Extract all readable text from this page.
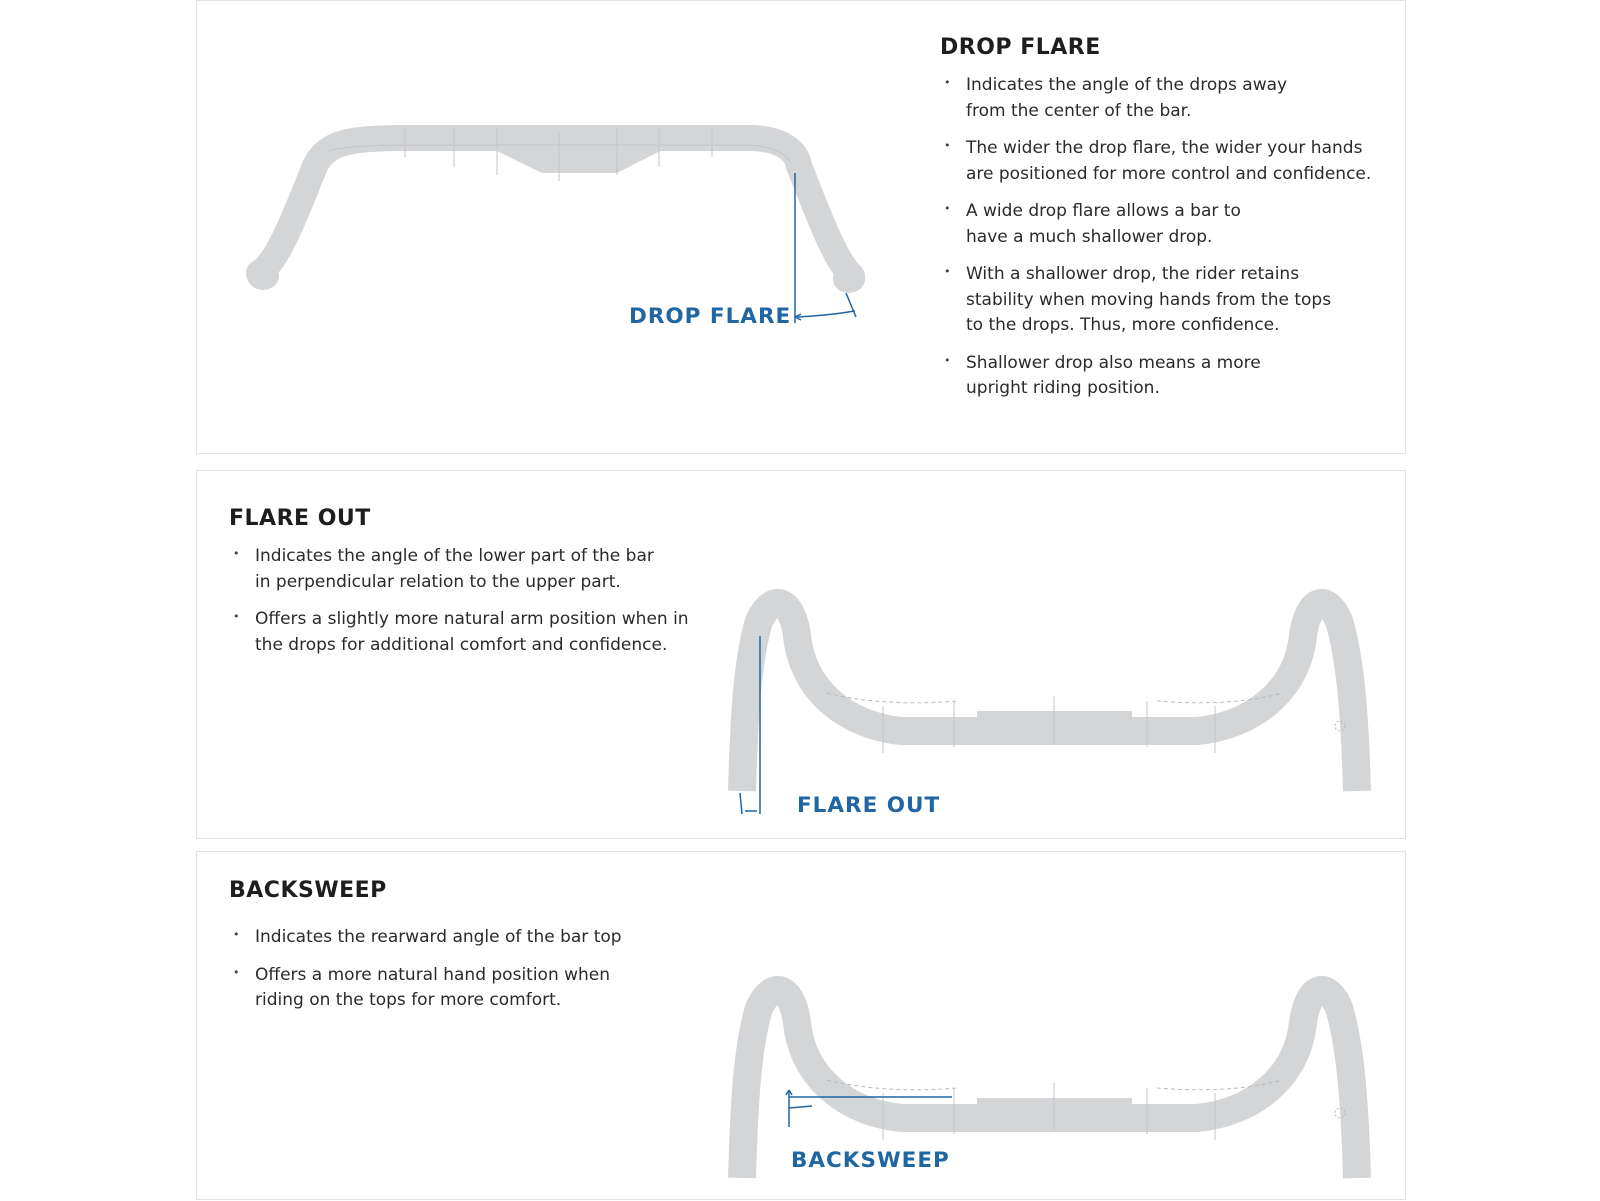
DROP FLARE
DROP FLARE
• Indicates the angle of the drops away
from the center of the bar.
• The wider the drop flare, the wider your hands
are positioned for more control and confidence.
• A wide drop flare allows a bar to
have a much shallower drop.
• With a shallower drop, the rider retains
stability when moving hands from the tops
to the drops. Thus, more confidence.
• Shallower drop also means a more
upright riding position.
FLARE OUT
• Indicates the angle of the lower part of the bar
in perpendicular relation to the upper part.
• Offers a slightly more natural arm position when in
the drops for additional comfort and confidence.
FLARE OUT
BACKSWEEP
• Indicates the rearward angle of the bar top
• Offers a more natural hand position when
riding on the tops for more comfort.
BACKSWEEP
